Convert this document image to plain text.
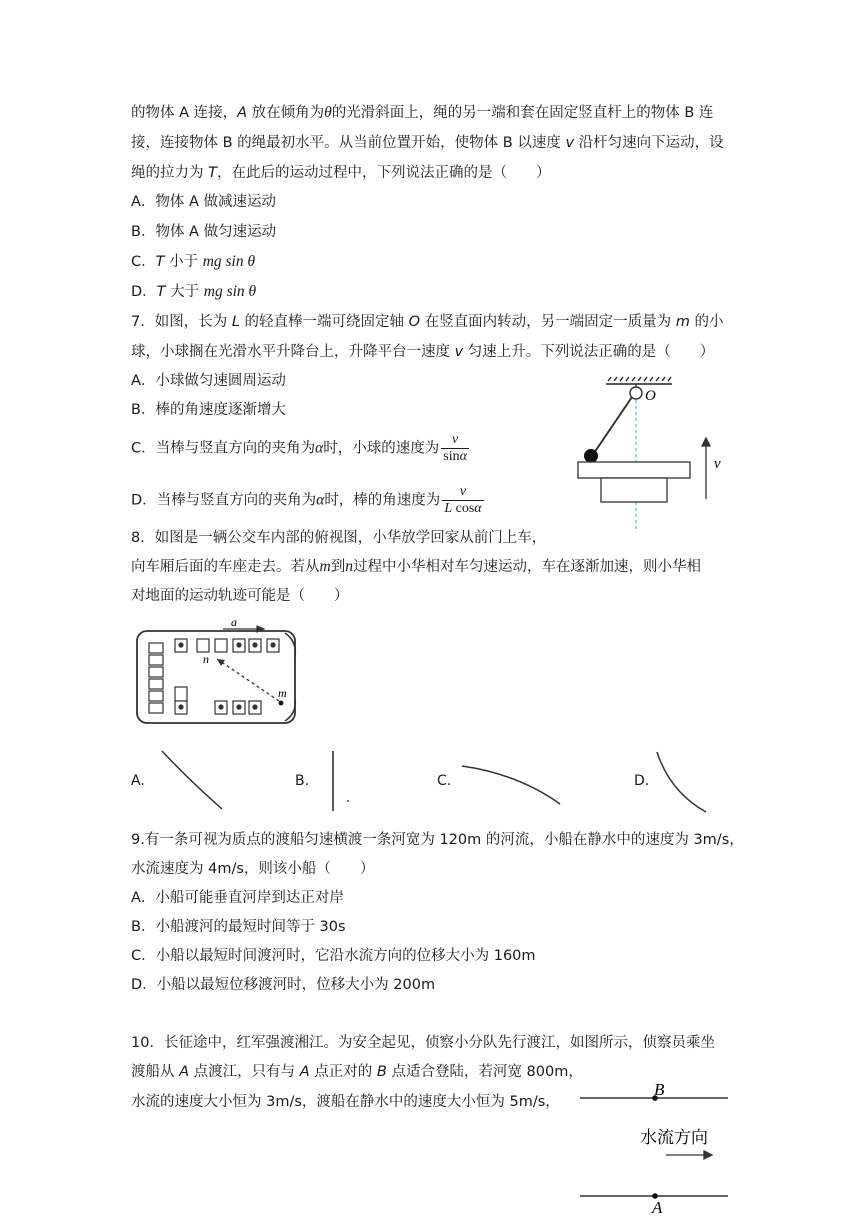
的物体 A 连接，A 放在倾角为θ的光滑斜面上，绳的另一端和套在固定竖直杆上的物体 B 连
接，连接物体 B 的绳最初水平。从当前位置开始，使物体 B 以速度 v 沿杆匀速向下运动，设
绳的拉力为 T，在此后的运动过程中，下列说法正确的是（　　）
A．物体 A 做减速运动
B．物体 A 做匀速运动
C．T 小于 mg sin θ
D．T 大于 mg sin θ
7．如图，长为 L 的轻直棒一端可绕固定轴 O 在竖直面内转动，另一端固定一质量为 m 的小
球，小球搁在光滑水平升降台上，升降平台一速度 v 匀速上升。下列说法正确的是（　　）
A．小球做匀速圆周运动
B．棒的角速度逐渐增大
C．当棒与竖直方向的夹角为α时，小球的速度为 $\frac{v}{\sin\alpha}$
D．当棒与竖直方向的夹角为α时，棒的角速度为 $\frac{v}{\text{L cosα}}$
O
v
8．如图是一辆公交车内部的俯视图，小华放学回家从前门上车，
向车厢后面的车座走去。若从m到n过程中小华相对车匀速运动，车在逐渐加速，则小华相
对地面的运动轨迹可能是（　　）
a
n
m
A.	B.	C.	D.
9.有一条可视为质点的渡船匀速横渡一条河宽为 120m 的河流，小船在静水中的速度为 3m/s，
水流速度为 4m/s，则该小船（　　）
A．小船可能垂直河岸到达正对岸
B．小船渡河的最短时间等于 30s
C．小船以最短时间渡河时，它沿水流方向的位移大小为 160m
D．小船以最短位移渡河时，位移大小为 200m
10．长征途中，红军强渡湘江。为安全起见，侦察小分队先行渡江，如图所示，侦察员乘坐
渡船从 A 点渡江，只有与 A 点正对的 B 点适合登陆，若河宽 800m，
水流的速度大小恒为 3m/s，渡船在静水中的速度大小恒为 5m/s，
B
水流方向
A
